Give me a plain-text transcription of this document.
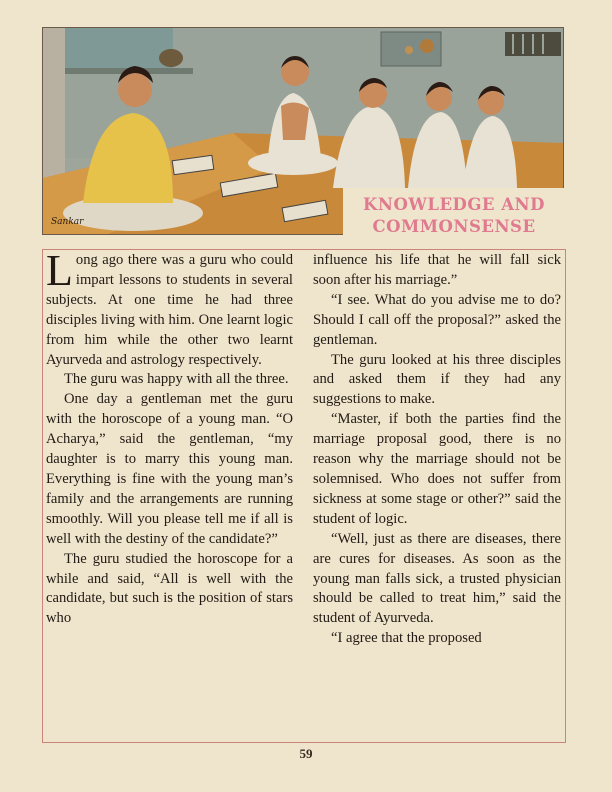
Sankar
KNOWLEDGE AND
COMMONSENSE

Long ago there was a guru who could impart lessons to students in several subjects. At one time he had three disciples living with him. One learnt logic from him while the other two learnt Ayurveda and astrology respectively.

The guru was happy with all the three.

One day a gentleman met the guru with the horoscope of a young man. “O Acharya,” said the gentleman, “my daughter is to marry this young man. Everything is fine with the young man’s family and the arrangements are running smoothly. Will you please tell me if all is well with the destiny of the candidate?”

The guru studied the horoscope for a while and said, “All is well with the candidate, but such is the position of stars who

influence his life that he will fall sick soon after his marriage.”

“I see. What do you advise me to do? Should I call off the proposal?” asked the gentleman.

The guru looked at his three disciples and asked them if they had any suggestions to make.

“Master, if both the parties find the marriage proposal good, there is no reason why the marriage should not be solemnised. Who does not suffer from sickness at some stage or other?” said the student of logic.

“Well, just as there are diseases, there are cures for diseases. As soon as the young man falls sick, a trusted physician should be called to treat him,” said the student of Ayurveda.

“I agree that the proposed

59
